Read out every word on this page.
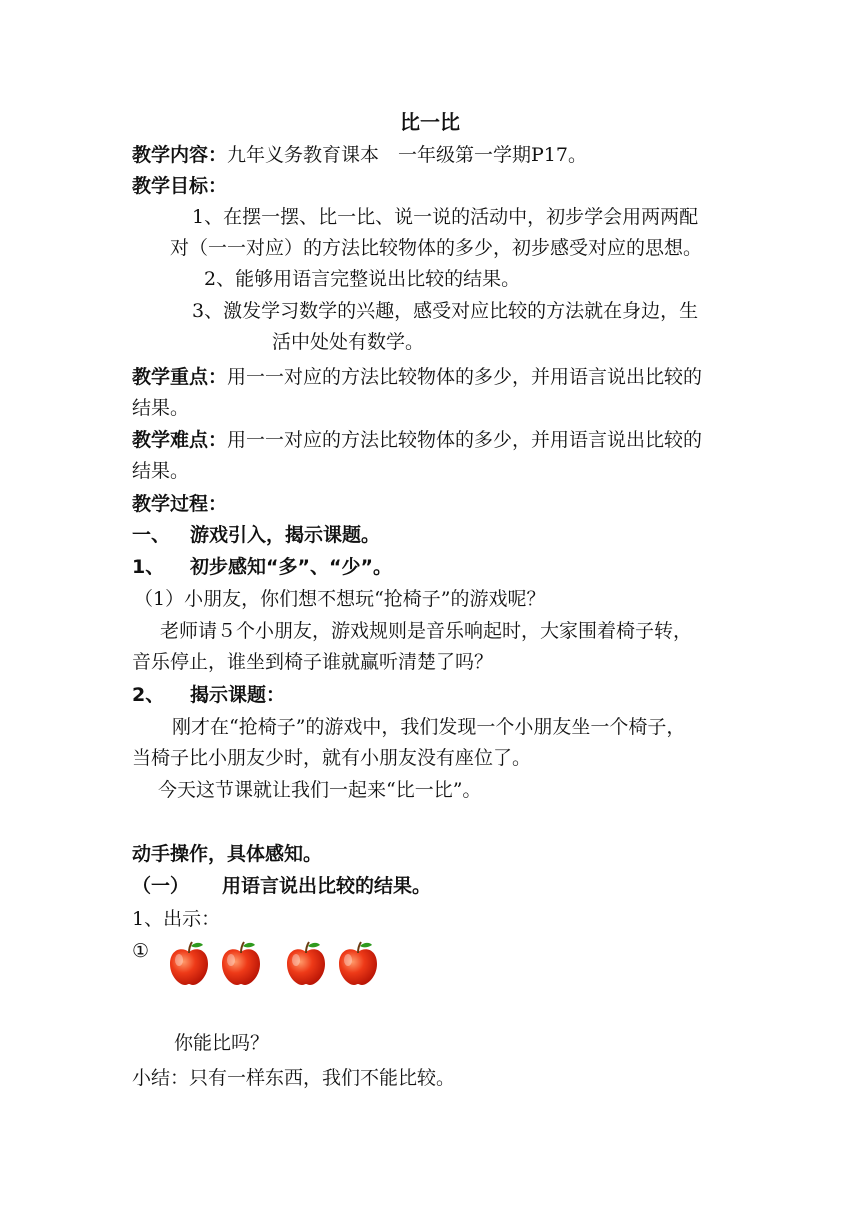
比一比
教学内容：九年义务教育课本　一年级第一学期P17。
教学目标：
1、在摆一摆、比一比、说一说的活动中，初步学会用两两配
对（一一对应）的方法比较物体的多少，初步感受对应的思想。
2、能够用语言完整说出比较的结果。
3、激发学习数学的兴趣，感受对应比较的方法就在身边，生
活中处处有数学。
教学重点：用一一对应的方法比较物体的多少，并用语言说出比较的
结果。
教学难点：用一一对应的方法比较物体的多少，并用语言说出比较的
结果。
教学过程：
一、 游戏引入，揭示课题。
1、 初步感知“多”、“少”。
（1）小朋友，你们想不想玩“抢椅子”的游戏呢？
老师请５个小朋友，游戏规则是音乐响起时，大家围着椅子转，
音乐停止，谁坐到椅子谁就赢听清楚了吗？
2、 揭示课题：
刚才在“抢椅子”的游戏中，我们发现一个小朋友坐一个椅子，
当椅子比小朋友少时，就有小朋友没有座位了。
今天这节课就让我们一起来“比一比”。
动手操作，具体感知。
（一） 用语言说出比较的结果。
1、出示：
①
你能比吗？
小结：只有一样东西，我们不能比较。
